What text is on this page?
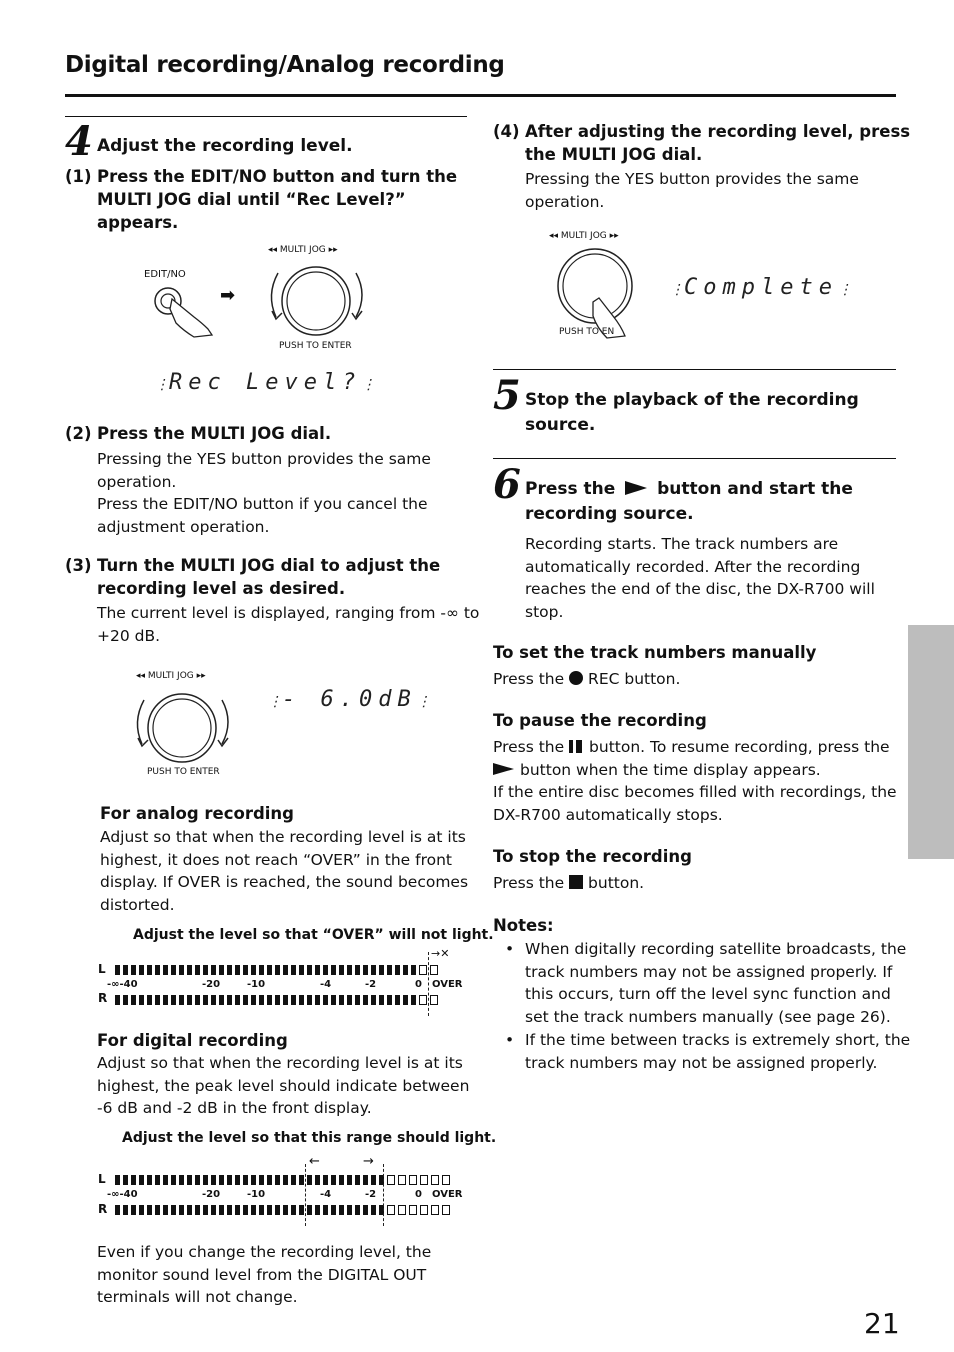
Digital recording/Analog recording
4 Adjust the recording level.
(1) Press the EDIT/NO button and turn the

MULTI JOG dial until “Rec Level?”

appears.

EDIT/NO
➡
◂◂ MULTI JOG ▸▸
PUSH TO ENTER
⋮Rec Level?⋮
(2) Press the MULTI JOG dial.

Pressing the YES button provides the same

operation.

Press the EDIT/NO button if you cancel the

adjustment operation.

(3) Turn the MULTI JOG dial to adjust the

recording level as desired.

The current level is displayed, ranging from -∞ to

+20 dB.

◂◂ MULTI JOG ▸▸
PUSH TO ENTER
⋮- 6.0dB⋮
For analog recording

Adjust so that when the recording level is at its

highest, it does not reach “OVER” in the front

display. If OVER is reached, the sound becomes

distorted.

Adjust the level so that “OVER” will not light.
L
R
-∞-40	-20	-10	-4	-2	0 OVER
→✕
For digital recording

Adjust so that when the recording level is at its

highest, the peak level should indicate between

-6 dB and -2 dB in the front display.

Adjust the level so that this range should light.
L
R
-∞-40	-20	-10	-4	-2	0 OVER
←	→

Even if you change the recording level, the

monitor sound level from the DIGITAL OUT

terminals will not change.

(4) After adjusting the recording level, press

the MULTI JOG dial.

Pressing the YES button provides the same

operation.

◂◂ MULTI JOG ▸▸
PUSH TO EN
⋮Complete⋮
5 Stop the playback of the recording

source.

6 Press the button and start the

recording source.

Recording starts. The track numbers are

automatically recorded. After the recording

reaches the end of the disc, the DX-R700 will

stop.

To set the track numbers manually
Press the REC button.
To pause the recording

Press the button. To resume recording, press the

button when the time display appears.

If the entire disc becomes filled with recordings, the

DX-R700 automatically stops.

To stop the recording
Press the button.
Notes:
• When digitally recording satellite broadcasts, the

track numbers may not be assigned properly. If

this occurs, turn off the level sync function and

set the track numbers manually (see page 26).

• If the time between tracks is extremely short, the

track numbers may not be assigned properly.

21
